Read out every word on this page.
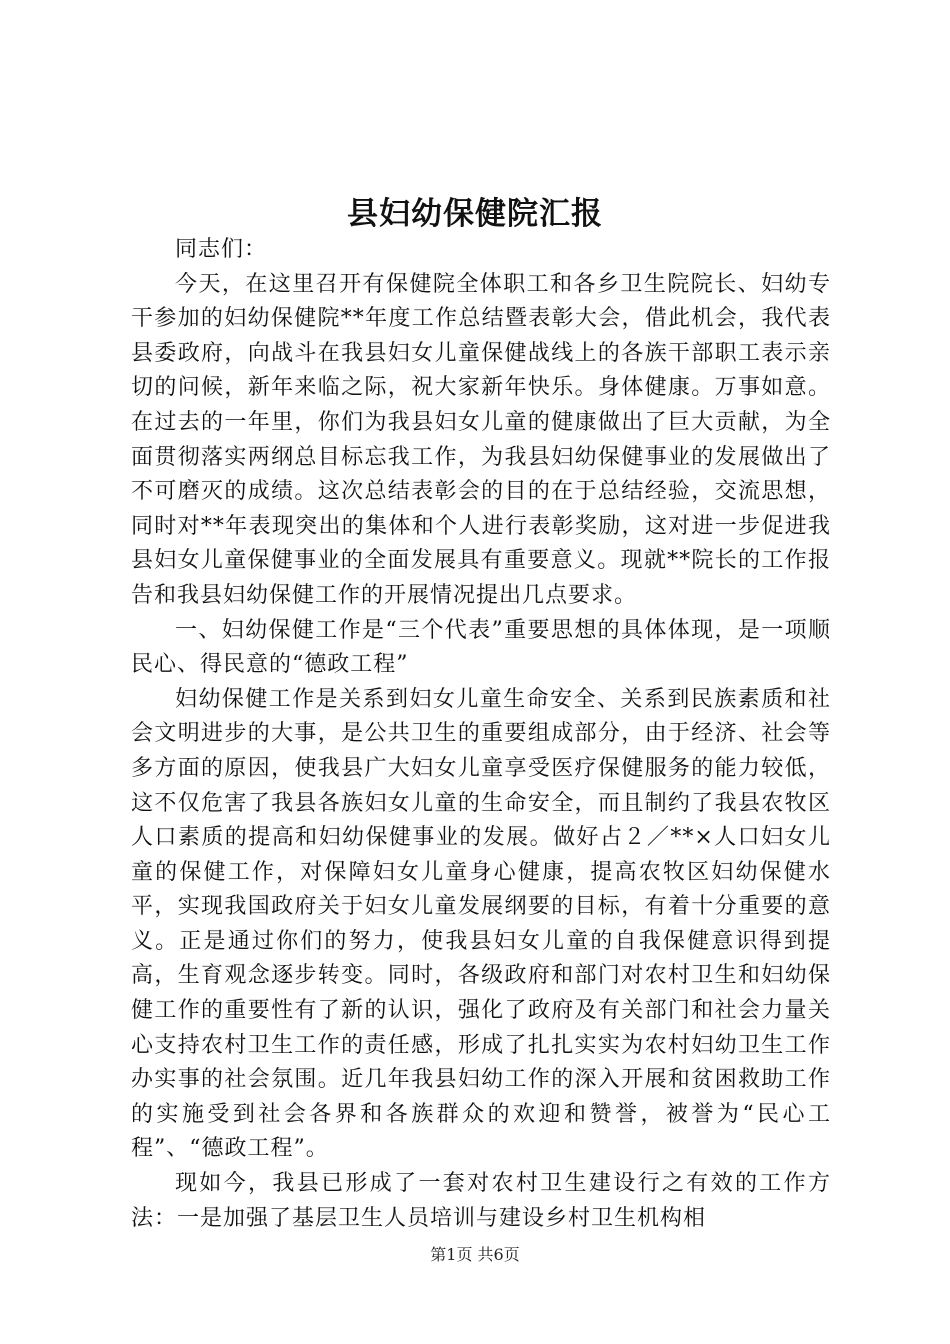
县妇幼保健院汇报

同志们：

今天，在这里召开有保健院全体职工和各乡卫生院院长、妇幼专干参加的妇幼保健院**年度工作总结暨表彰大会，借此机会，我代表县委政府，向战斗在我县妇女儿童保健战线上的各族干部职工表示亲切的问候，新年来临之际，祝大家新年快乐。身体健康。万事如意。在过去的一年里，你们为我县妇女儿童的健康做出了巨大贡献，为全面贯彻落实两纲总目标忘我工作，为我县妇幼保健事业的发展做出了不可磨灭的成绩。这次总结表彰会的目的在于总结经验，交流思想，同时对**年表现突出的集体和个人进行表彰奖励，这对进一步促进我县妇女儿童保健事业的全面发展具有重要意义。现就**院长的工作报告和我县妇幼保健工作的开展情况提出几点要求。

一、妇幼保健工作是“三个代表”重要思想的具体体现，是一项顺民心、得民意的“德政工程”

妇幼保健工作是关系到妇女儿童生命安全、关系到民族素质和社会文明进步的大事，是公共卫生的重要组成部分，由于经济、社会等多方面的原因，使我县广大妇女儿童享受医疗保健服务的能力较低，这不仅危害了我县各族妇女儿童的生命安全，而且制约了我县农牧区人口素质的提高和妇幼保健事业的发展。做好占２／**×人口妇女儿童的保健工作，对保障妇女儿童身心健康，提高农牧区妇幼保健水平，实现我国政府关于妇女儿童发展纲要的目标，有着十分重要的意义。正是通过你们的努力，使我县妇女儿童的自我保健意识得到提高，生育观念逐步转变。同时，各级政府和部门对农村卫生和妇幼保健工作的重要性有了新的认识，强化了政府及有关部门和社会力量关心支持农村卫生工作的责任感，形成了扎扎实实为农村妇幼卫生工作办实事的社会氛围。近几年我县妇幼工作的深入开展和贫困救助工作的实施受到社会各界和各族群众的欢迎和赞誉，被誉为“民心工程”、“德政工程”。

现如今，我县已形成了一套对农村卫生建设行之有效的工作方法：一是加强了基层卫生人员培训与建设乡村卫生机构相

第1页 共6页
